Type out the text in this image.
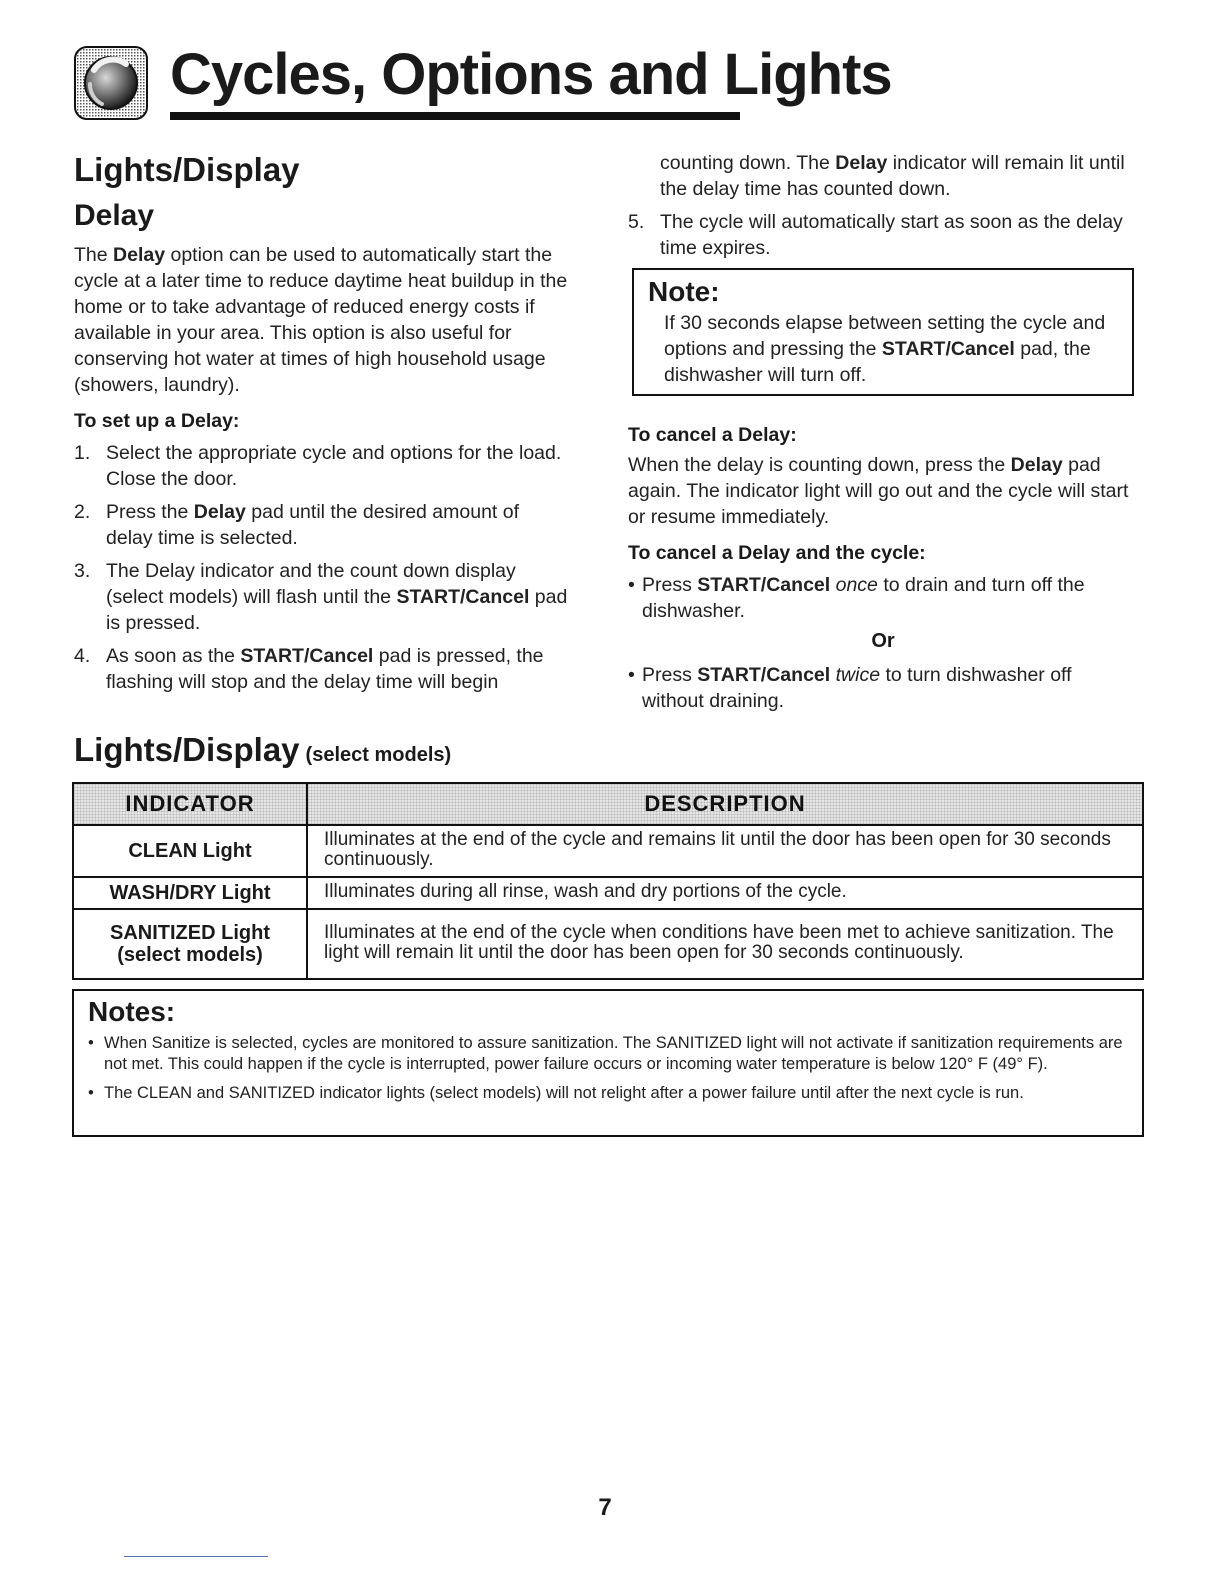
Cycles, Options and Lights
Lights/Display
Delay

The Delay option can be used to automatically start the cycle at a later time to reduce daytime heat buildup in the home or to take advantage of reduced energy costs if available in your area. This option is also useful for conserving hot water at times of high household usage (showers, laundry).

To set up a Delay:
1. Select the appropriate cycle and options for the load. Close the door.
2. Press the Delay pad until the desired amount of delay time is selected.
3. The Delay indicator and the count down display (select models) will flash until the START/Cancel pad is pressed.
4. As soon as the START/Cancel pad is pressed, the flashing will stop and the delay time will begin
counting down. The Delay indicator will remain lit until the delay time has counted down.
5. The cycle will automatically start as soon as the delay time expires.
Note:
If 30 seconds elapse between setting the cycle and options and pressing the START/Cancel pad, the dishwasher will turn off.
To cancel a Delay:
When the delay is counting down, press the Delay pad again. The indicator light will go out and the cycle will start or resume immediately.
To cancel a Delay and the cycle:
• Press START/Cancel once to drain and turn off the dishwasher.
Or
• Press START/Cancel twice to turn dishwasher off without draining.
Lights/Display (select models)
INDICATOR	DESCRIPTION
CLEAN Light	Illuminates at the end of the cycle and remains lit until the door has been open for 30 seconds continuously.
WASH/DRY Light	Illuminates during all rinse, wash and dry portions of the cycle.

SANITIZED Light
(select models)	Illuminates at the end of the cycle when conditions have been met to achieve sanitization. The light will remain lit until the door has been open for 30 seconds continuously.
Notes:
• When Sanitize is selected, cycles are monitored to assure sanitization. The SANITIZED light will not activate if sanitization requirements are not met. This could happen if the cycle is interrupted, power failure occurs or incoming water temperature is below 120° F (49° F).
• The CLEAN and SANITIZED indicator lights (select models) will not relight after a power failure until after the next cycle is run.
7
